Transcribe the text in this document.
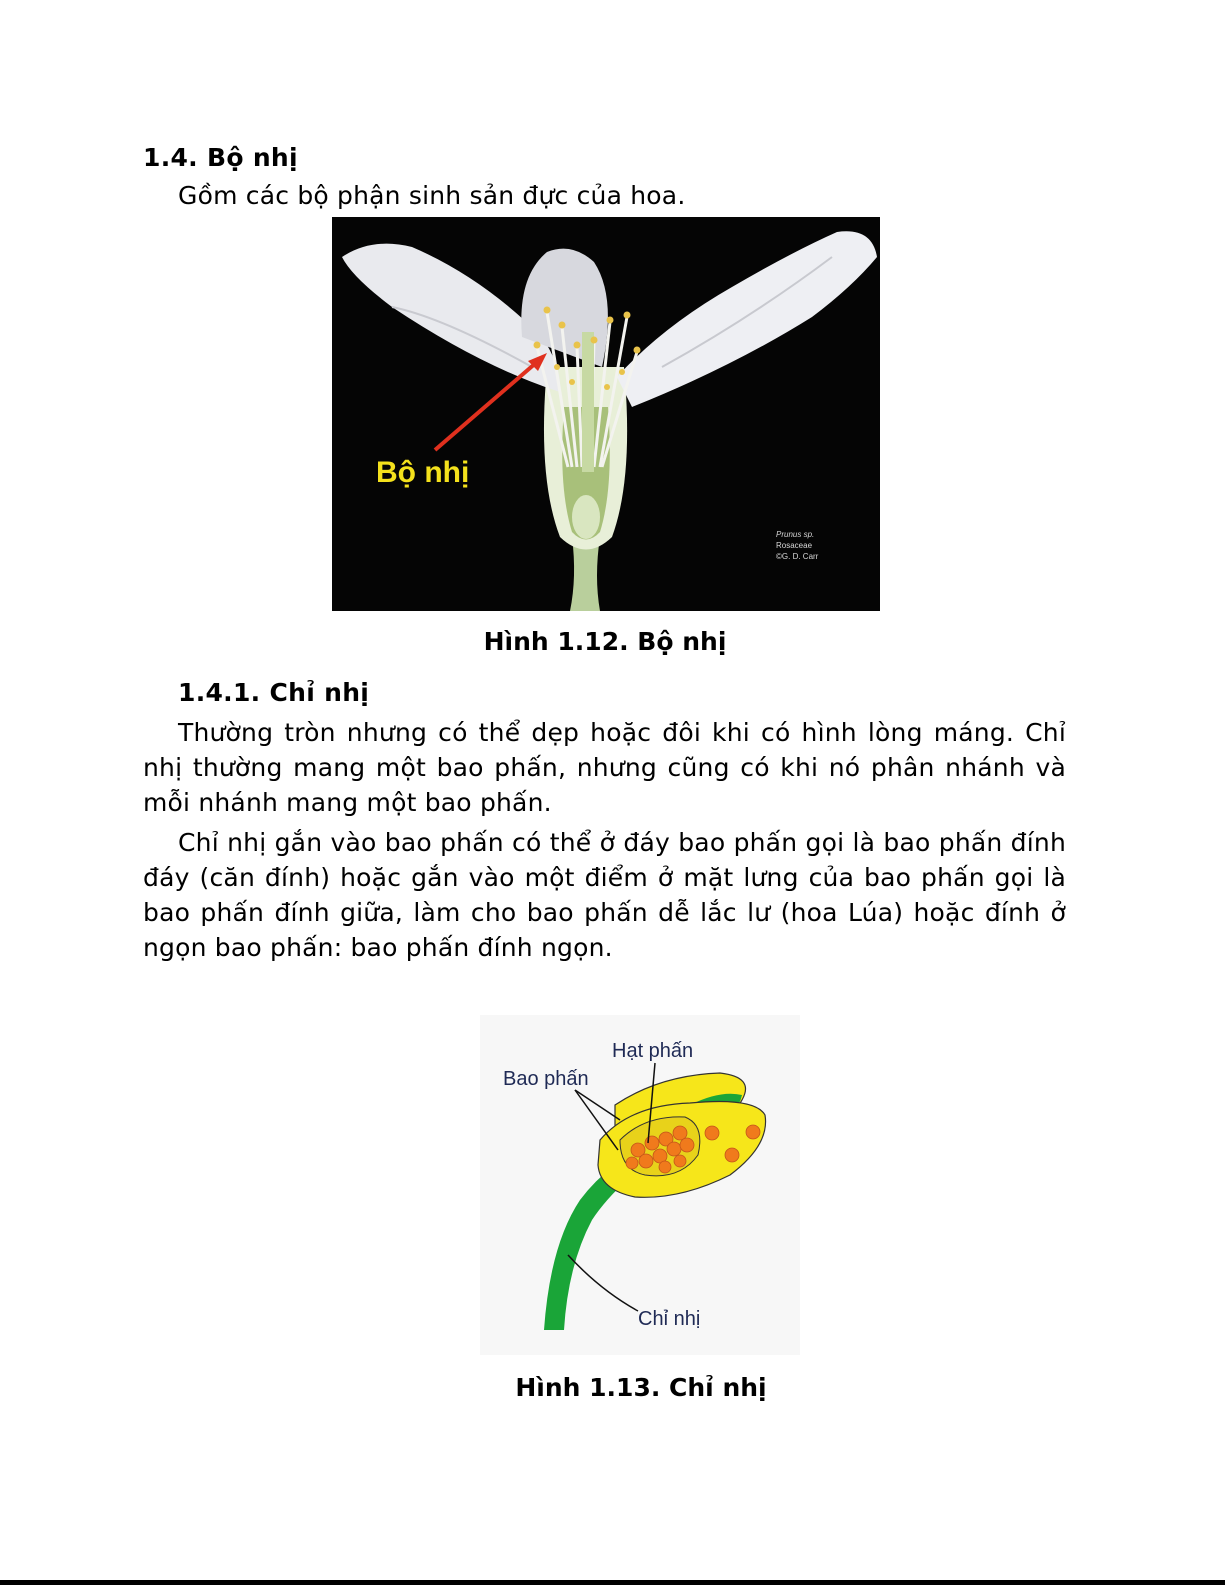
1.4. Bộ nhị
Gồm các bộ phận sinh sản đực của hoa.
Bộ nhị
Prunus sp.
Rosaceae
©G. D. Carr
Hình 1.12. Bộ nhị
1.4.1. Chỉ nhị
Thường tròn nhưng có thể dẹp hoặc đôi khi có hình lòng máng. Chỉ nhị thường mang một bao phấn, nhưng cũng có khi nó phân nhánh và mỗi nhánh mang một bao phấn.
Chỉ nhị gắn vào bao phấn có thể ở đáy bao phấn gọi là bao phấn đính đáy (căn đính) hoặc gắn vào một điểm ở mặt lưng của bao phấn gọi là bao phấn đính giữa, làm cho bao phấn dễ lắc lư (hoa Lúa) hoặc đính ở ngọn bao phấn: bao phấn đính ngọn.
Hạt phấn
Bao phấn
Chỉ nhị
Hình 1.13. Chỉ nhị
